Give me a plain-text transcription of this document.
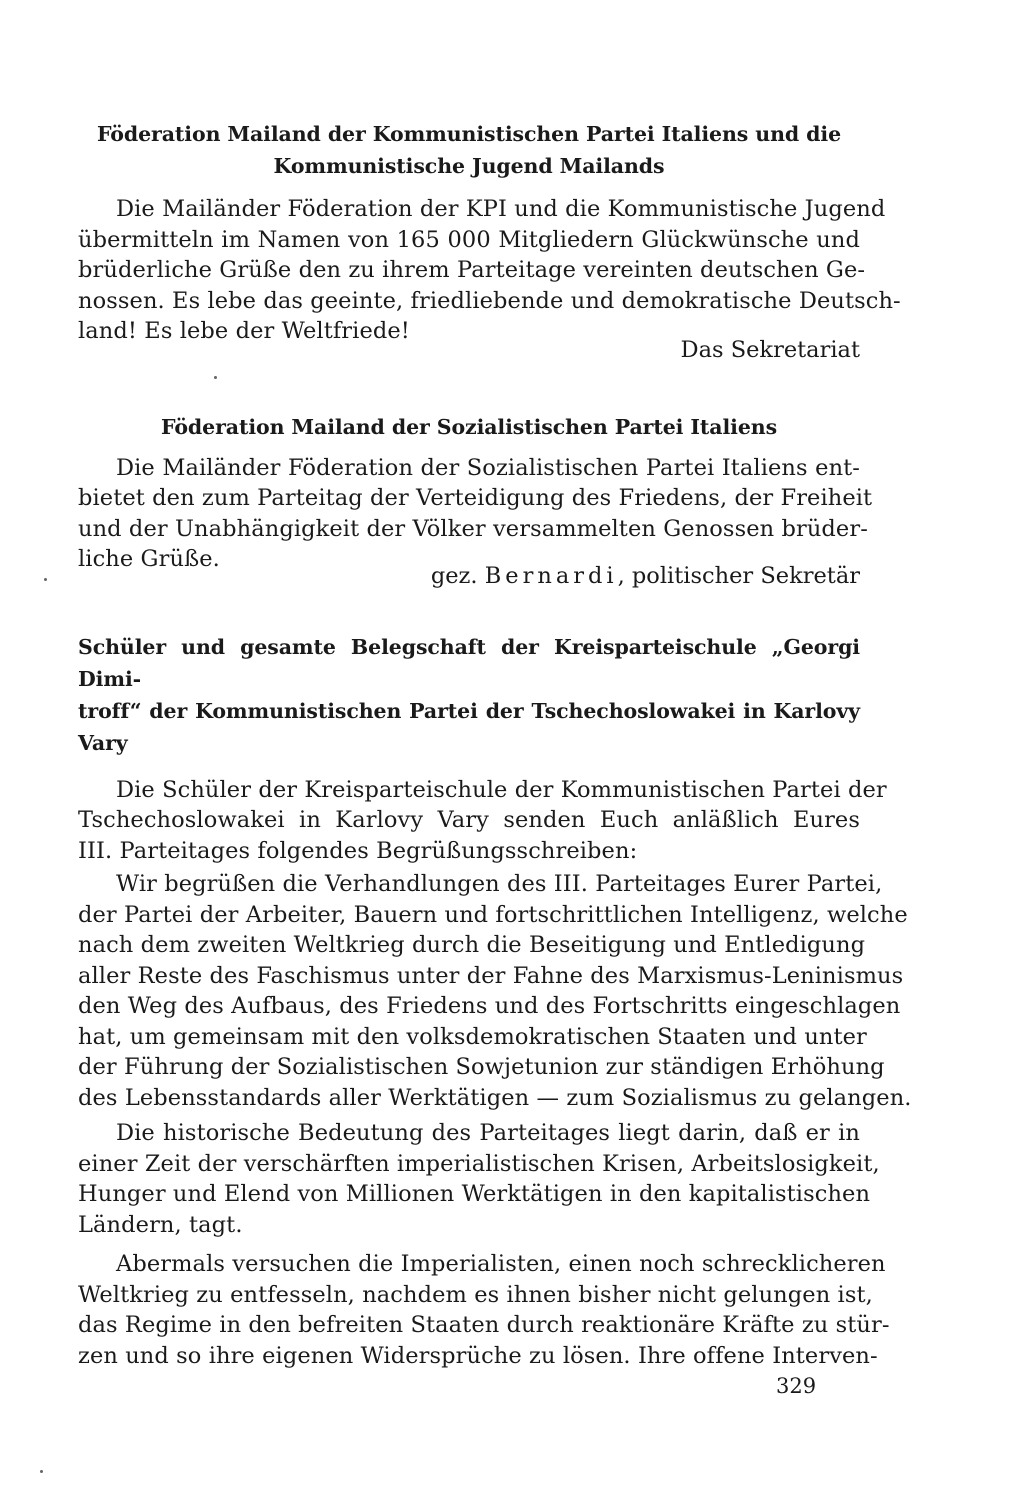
Föderation Mailand der Kommunistischen Partei Italiens und die
Kommunistische Jugend Mailands
Die Mailänder Föderation der KPI und die Kommunistische Jugend
übermitteln im Namen von 165 000 Mitgliedern Glückwünsche und
brüderliche Grüße den zu ihrem Parteitage vereinten deutschen Ge-
nossen. Es lebe das geeinte, friedliebende und demokratische Deutsch-
land! Es lebe der Weltfriede!

Das Sekretariat

Föderation Mailand der Sozialistischen Partei Italiens
Die Mailänder Föderation der Sozialistischen Partei Italiens ent-
bietet den zum Parteitag der Verteidigung des Friedens, der Freiheit
und der Unabhängigkeit der Völker versammelten Genossen brüder-
liche Grüße.

gez. Bernardi, politischer Sekretär

Schüler und gesamte Belegschaft der Kreisparteischule „Georgi Dimi-
troff“ der Kommunistischen Partei der Tschechoslowakei in Karlovy Vary
Die Schüler der Kreisparteischule der Kommunistischen Partei der
Tschechoslowakei in Karlovy Vary senden Euch anläßlich Eures
III. Parteitages folgendes Begrüßungsschreiben:
Wir begrüßen die Verhandlungen des III. Parteitages Eurer Partei,
der Partei der Arbeiter, Bauern und fortschrittlichen Intelligenz, welche
nach dem zweiten Weltkrieg durch die Beseitigung und Entledigung
aller Reste des Faschismus unter der Fahne des Marxismus-Leninismus
den Weg des Aufbaus, des Friedens und des Fortschritts eingeschlagen
hat, um gemeinsam mit den volksdemokratischen Staaten und unter
der Führung der Sozialistischen Sowjetunion zur ständigen Erhöhung
des Lebensstandards aller Werktätigen — zum Sozialismus zu gelangen.
Die historische Bedeutung des Parteitages liegt darin, daß er in
einer Zeit der verschärften imperialistischen Krisen, Arbeitslosigkeit,
Hunger und Elend von Millionen Werktätigen in den kapitalistischen
Ländern, tagt.
Abermals versuchen die Imperialisten, einen noch schrecklicheren
Weltkrieg zu entfesseln, nachdem es ihnen bisher nicht gelungen ist,
das Regime in den befreiten Staaten durch reaktionäre Kräfte zu stür-
zen und so ihre eigenen Widersprüche zu lösen. Ihre offene Interven-
329
